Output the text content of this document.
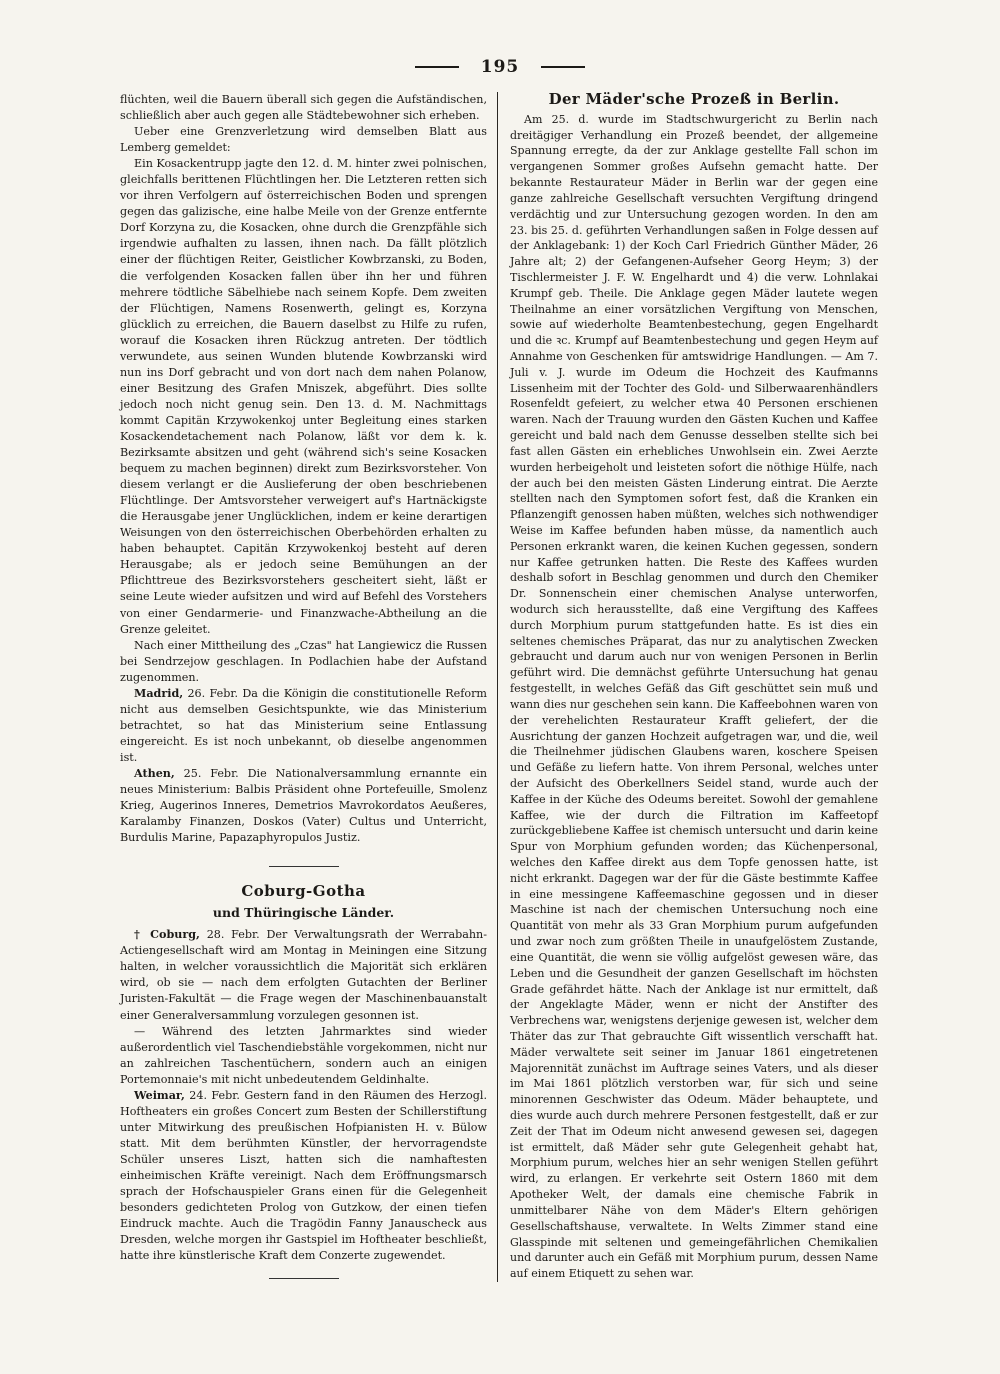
195

flüchten, weil die Bauern überall sich gegen die Aufständischen, schließlich aber auch gegen alle Städtebewohner sich erheben.

Ueber eine Grenzverletzung wird demselben Blatt aus Lemberg gemeldet:

Ein Kosackentrupp jagte den 12. d. M. hinter zwei polnischen, gleichfalls berittenen Flüchtlingen her. Die Letzteren retten sich vor ihren Verfolgern auf österreichischen Boden und sprengen gegen das galizische, eine halbe Meile von der Grenze entfernte Dorf Korzyna zu, die Kosacken, ohne durch die Grenzpfähle sich irgendwie aufhalten zu lassen, ihnen nach. Da fällt plötzlich einer der flüchtigen Reiter, Geistlicher Kowbrzanski, zu Boden, die verfolgenden Kosacken fallen über ihn her und führen mehrere tödtliche Säbelhiebe nach seinem Kopfe. Dem zweiten der Flüchtigen, Namens Rosenwerth, gelingt es, Korzyna glücklich zu erreichen, die Bauern daselbst zu Hilfe zu rufen, worauf die Kosacken ihren Rückzug antreten. Der tödtlich verwundete, aus seinen Wunden blutende Kowbrzanski wird nun ins Dorf gebracht und von dort nach dem nahen Polanow, einer Besitzung des Grafen Mniszek, abgeführt. Dies sollte jedoch noch nicht genug sein. Den 13. d. M. Nachmittags kommt Capitän Krzywokenkoj unter Begleitung eines starken Kosackendetachement nach Polanow, läßt vor dem k. k. Bezirksamte absitzen und geht (während sich's seine Kosacken bequem zu machen beginnen) direkt zum Bezirksvorsteher. Von diesem verlangt er die Auslieferung der oben beschriebenen Flüchtlinge. Der Amtsvorsteher verweigert auf's Hartnäckigste die Herausgabe jener Unglücklichen, indem er keine derartigen Weisungen von den österreichischen Oberbehörden erhalten zu haben behauptet. Capitän Krzywokenkoj besteht auf deren Herausgabe; als er jedoch seine Bemühungen an der Pflichttreue des Bezirksvorstehers gescheitert sieht, läßt er seine Leute wieder aufsitzen und wird auf Befehl des Vorstehers von einer Gendarmerie- und Finanzwache-Abtheilung an die Grenze geleitet.

Nach einer Mittheilung des „Czas" hat Langiewicz die Russen bei Sendrzejow geschlagen. In Podlachien habe der Aufstand zugenommen.

Madrid, 26. Febr. Da die Königin die constitutionelle Reform nicht aus demselben Gesichtspunkte, wie das Ministerium betrachtet, so hat das Ministerium seine Entlassung eingereicht. Es ist noch unbekannt, ob dieselbe angenommen ist.

Athen, 25. Febr. Die Nationalversammlung ernannte ein neues Ministerium: Balbis Präsident ohne Portefeuille, Smolenz Krieg, Augerinos Inneres, Demetrios Mavrokordatos Aeußeres, Karalamby Finanzen, Doskos (Vater) Cultus und Unterricht, Burdulis Marine, Papazaphyropulos Justiz.

Coburg-Gotha
und Thüringische Länder.

† Coburg, 28. Febr. Der Verwaltungsrath der Werrabahn-Actiengesellschaft wird am Montag in Meiningen eine Sitzung halten, in welcher voraussichtlich die Majorität sich erklären wird, ob sie — nach dem erfolgten Gutachten der Berliner Juristen-Fakultät — die Frage wegen der Maschinenbauanstalt einer Generalversammlung vorzulegen gesonnen ist.

— Während des letzten Jahrmarktes sind wieder außerordentlich viel Taschendiebstähle vorgekommen, nicht nur an zahlreichen Taschentüchern, sondern auch an einigen Portemonnaie's mit nicht unbedeutendem Geldinhalte.

Weimar, 24. Febr. Gestern fand in den Räumen des Herzogl. Hoftheaters ein großes Concert zum Besten der Schillerstiftung unter Mitwirkung des preußischen Hofpianisten H. v. Bülow statt. Mit dem berühmten Künstler, der hervorragendste Schüler unseres Liszt, hatten sich die namhaftesten einheimischen Kräfte vereinigt. Nach dem Eröffnungsmarsch sprach der Hofschauspieler Grans einen für die Gelegenheit besonders gedichteten Prolog von Gutzkow, der einen tiefen Eindruck machte. Auch die Tragödin Fanny Janauscheck aus Dresden, welche morgen ihr Gastspiel im Hoftheater beschließt, hatte ihre künstlerische Kraft dem Conzerte zugewendet.

Der Mäder'sche Prozeß in Berlin.

Am 25. d. wurde im Stadtschwurgericht zu Berlin nach dreitägiger Verhandlung ein Prozeß beendet, der allgemeine Spannung erregte, da der zur Anklage gestellte Fall schon im vergangenen Sommer großes Aufsehn gemacht hatte. Der bekannte Restaurateur Mäder in Berlin war der gegen eine ganze zahlreiche Gesellschaft versuchten Vergiftung dringend verdächtig und zur Untersuchung gezogen worden. In den am 23. bis 25. d. geführten Verhandlungen saßen in Folge dessen auf der Anklagebank: 1) der Koch Carl Friedrich Günther Mäder, 26 Jahre alt; 2) der Gefangenen-Aufseher Georg Heym; 3) der Tischlermeister J. F. W. Engelhardt und 4) die verw. Lohnlakai Krumpf geb. Theile. Die Anklage gegen Mäder lautete wegen Theilnahme an einer vorsätzlichen Vergiftung von Menschen, sowie auf wiederholte Beamtenbestechung, gegen Engelhardt und die ꝛc. Krumpf auf Beamtenbestechung und gegen Heym auf Annahme von Geschenken für amtswidrige Handlungen. — Am 7. Juli v. J. wurde im Odeum die Hochzeit des Kaufmanns Lissenheim mit der Tochter des Gold- und Silberwaarenhändlers Rosenfeldt gefeiert, zu welcher etwa 40 Personen erschienen waren. Nach der Trauung wurden den Gästen Kuchen und Kaffee gereicht und bald nach dem Genusse desselben stellte sich bei fast allen Gästen ein erhebliches Unwohlsein ein. Zwei Aerzte wurden herbeigeholt und leisteten sofort die nöthige Hülfe, nach der auch bei den meisten Gästen Linderung eintrat. Die Aerzte stellten nach den Symptomen sofort fest, daß die Kranken ein Pflanzengift genossen haben müßten, welches sich nothwendiger Weise im Kaffee befunden haben müsse, da namentlich auch Personen erkrankt waren, die keinen Kuchen gegessen, sondern nur Kaffee getrunken hatten. Die Reste des Kaffees wurden deshalb sofort in Beschlag genommen und durch den Chemiker Dr. Sonnenschein einer chemischen Analyse unterworfen, wodurch sich herausstellte, daß eine Vergiftung des Kaffees durch Morphium purum stattgefunden hatte. Es ist dies ein seltenes chemisches Präparat, das nur zu analytischen Zwecken gebraucht und darum auch nur von wenigen Personen in Berlin geführt wird. Die demnächst geführte Untersuchung hat genau festgestellt, in welches Gefäß das Gift geschüttet sein muß und wann dies nur geschehen sein kann. Die Kaffeebohnen waren von der verehelichten Restaurateur Krafft geliefert, der die Ausrichtung der ganzen Hochzeit aufgetragen war, und die, weil die Theilnehmer jüdischen Glaubens waren, koschere Speisen und Gefäße zu liefern hatte. Von ihrem Personal, welches unter der Aufsicht des Oberkellners Seidel stand, wurde auch der Kaffee in der Küche des Odeums bereitet. Sowohl der gemahlene Kaffee, wie der durch die Filtration im Kaffeetopf zurückgebliebene Kaffee ist chemisch untersucht und darin keine Spur von Morphium gefunden worden; das Küchenpersonal, welches den Kaffee direkt aus dem Topfe genossen hatte, ist nicht erkrankt. Dagegen war der für die Gäste bestimmte Kaffee in eine messingene Kaffeemaschine gegossen und in dieser Maschine ist nach der chemischen Untersuchung noch eine Quantität von mehr als 33 Gran Morphium purum aufgefunden und zwar noch zum größten Theile in unaufgelöstem Zustande, eine Quantität, die wenn sie völlig aufgelöst gewesen wäre, das Leben und die Gesundheit der ganzen Gesellschaft im höchsten Grade gefährdet hätte. Nach der Anklage ist nur ermittelt, daß der Angeklagte Mäder, wenn er nicht der Anstifter des Verbrechens war, wenigstens derjenige gewesen ist, welcher dem Thäter das zur That gebrauchte Gift wissentlich verschafft hat. Mäder verwaltete seit seiner im Januar 1861 eingetretenen Majorennität zunächst im Auftrage seines Vaters, und als dieser im Mai 1861 plötzlich verstorben war, für sich und seine minorennen Geschwister das Odeum. Mäder behauptete, und dies wurde auch durch mehrere Personen festgestellt, daß er zur Zeit der That im Odeum nicht anwesend gewesen sei, dagegen ist ermittelt, daß Mäder sehr gute Gelegenheit gehabt hat, Morphium purum, welches hier an sehr wenigen Stellen geführt wird, zu erlangen. Er verkehrte seit Ostern 1860 mit dem Apotheker Welt, der damals eine chemische Fabrik in unmittelbarer Nähe von dem Mäder's Eltern gehörigen Gesellschaftshause, verwaltete. In Welts Zimmer stand eine Glasspinde mit seltenen und gemeingefährlichen Chemikalien und darunter auch ein Gefäß mit Morphium purum, dessen Name auf einem Etiquett zu sehen war.
